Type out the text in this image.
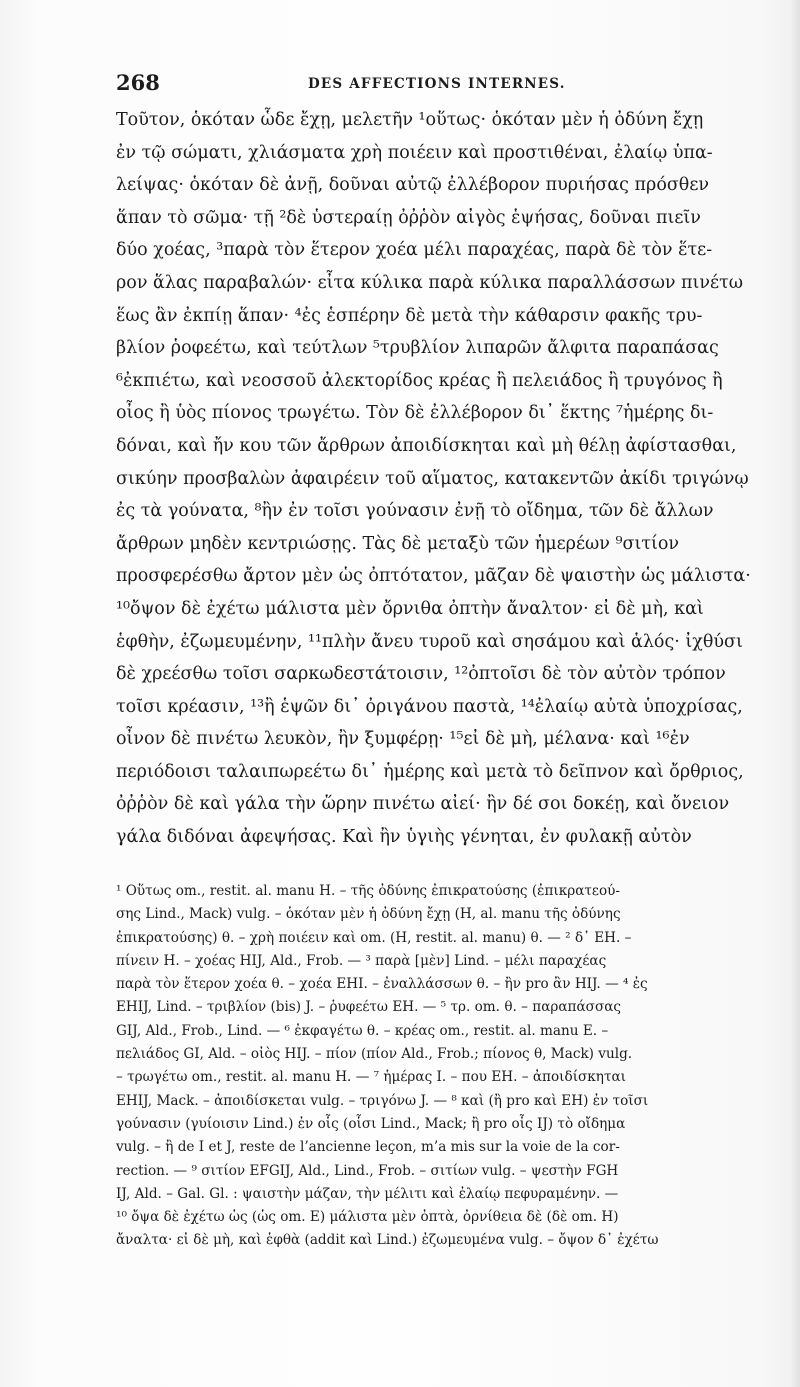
268	DES AFFECTIONS INTERNES.
Τοῦτον, ὁκόταν ὧδε ἔχῃ, μελετῆν ¹οὕτως· ὁκόταν μὲν ἡ ὀδύνη ἔχῃ
ἐν τῷ σώματι, χλιάσματα χρὴ ποιέειν καὶ προστιθέναι, ἐλαίῳ ὑπα-
λείψας· ὁκόταν δὲ ἀνῇ, δοῦναι αὐτῷ ἐλλέβορον πυριήσας πρόσθεν
ἅπαν τὸ σῶμα· τῇ ²δὲ ὑστεραίῃ ὀῤῥὸν αἰγὸς ἑψήσας, δοῦναι πιεῖν
δύο χοέας, ³παρὰ τὸν ἕτερον χοέα μέλι παραχέας, παρὰ δὲ τὸν ἕτε-
ρον ἅλας παραβαλών· εἶτα κύλικα παρὰ κύλικα παραλλάσσων πινέτω
ἕως ἂν ἐκπίῃ ἅπαν· ⁴ἐς ἑσπέρην δὲ μετὰ τὴν κάθαρσιν φακῆς τρυ-
βλίον ῥοφεέτω, καὶ τεύτλων ⁵τρυβλίον λιπαρῶν ἄλφιτα παραπάσας
⁶ἐκπιέτω, καὶ νεοσσοῦ ἀλεκτορίδος κρέας ἢ πελειάδος ἢ τρυγόνος ἢ
οἶος ἢ ὑὸς πίονος τρωγέτω. Τὸν δὲ ἐλλέβορον δι᾽ ἕκτης ⁷ἡμέρης δι-
δόναι, καὶ ἤν κου τῶν ἄρθρων ἀποιδίσκηται καὶ μὴ θέλῃ ἀφίστασθαι,
σικύην προσβαλὼν ἀφαιρέειν τοῦ αἵματος, κατακεντῶν ἀκίδι τριγώνῳ
ἐς τὰ γούνατα, ⁸ἢν ἐν τοῖσι γούνασιν ἐνῇ τὸ οἴδημα, τῶν δὲ ἄλλων
ἄρθρων μηδὲν κεντριώσῃς. Τὰς δὲ μεταξὺ τῶν ἡμερέων ⁹σιτίον
προσφερέσθω ἄρτον μὲν ὡς ὀπτότατον, μᾶζαν δὲ ψαιστὴν ὡς μάλιστα·
¹⁰ὄψον δὲ ἐχέτω μάλιστα μὲν ὄρνιθα ὀπτὴν ἄναλτον· εἰ δὲ μὴ, καὶ
ἑφθὴν, ἐζωμευμένην, ¹¹πλὴν ἄνευ τυροῦ καὶ σησάμου καὶ ἁλός· ἰχθύσι
δὲ χρεέσθω τοῖσι σαρκωδεστάτοισιν, ¹²ὀπτοῖσι δὲ τὸν αὐτὸν τρόπον
τοῖσι κρέασιν, ¹³ἢ ἑψῶν δι᾽ ὀριγάνου παστὰ, ¹⁴ἐλαίῳ αὐτὰ ὑποχρίσας,
οἶνον δὲ πινέτω λευκὸν, ἢν ξυμφέρῃ· ¹⁵εἰ δὲ μὴ, μέλανα· καὶ ¹⁶ἐν
περιόδοισι ταλαιπωρεέτω δι᾽ ἡμέρης καὶ μετὰ τὸ δεῖπνον καὶ ὄρθριος,
ὀῤῥὸν δὲ καὶ γάλα τὴν ὥρην πινέτω αἰεί· ἢν δέ σοι δοκέῃ, καὶ ὄνειον
γάλα διδόναι ἀφεψήσας. Καὶ ἢν ὑγιὴς γένηται, ἐν φυλακῇ αὐτὸν
¹ Οὕτως om., restit. al. manu H. – τῆς ὀδύνης ἐπικρατούσης (ἐπικρατεού-
σης Lind., Mack) vulg. – ὁκόταν μὲν ἡ ὀδύνη ἔχῃ (H, al. manu τῆς ὀδύνης
ἐπικρατούσης) θ. – χρὴ ποιέειν καὶ om. (H, restit. al. manu) θ. — ² δ᾽ EH. –
πίνειν H. – χοέας HIJ, Ald., Frob. — ³ παρὰ [μὲν] Lind. – μέλι παραχέας
παρὰ τὸν ἕτερον χοέα θ. – χοέα EHI. – ἐναλλάσσων θ. – ἢν pro ἂν HIJ. — ⁴ ἐς
EHIJ, Lind. – τριβλίον (bis) J. – ῥυφεέτω EH. — ⁵ τρ. om. θ. – παραπάσσας
GIJ, Ald., Frob., Lind. — ⁶ ἐκφαγέτω θ. – κρέας om., restit. al. manu E. –
πελιάδος GI, Ald. – οἰὸς HIJ. – πίον (πίον Ald., Frob.; πίονος θ, Mack) vulg.
– τρωγέτω om., restit. al. manu H. — ⁷ ἡμέρας I. – που EH. – ἀποιδίσκηται
EHIJ, Mack. – ἀποιδίσκεται vulg. – τριγόνω J. — ⁸ καὶ (ἢ pro καὶ EH) ἐν τοῖσι
γούνασιν (γυίοισιν Lind.) ἐν οἷς (οἷσι Lind., Mack; ἢ pro οἷς IJ) τὸ οἴδημα
vulg. – ἢ de I et J, reste de l’ancienne leçon, m’a mis sur la voie de la cor-
rection. — ⁹ σιτίον EFGIJ, Ald., Lind., Frob. – σιτίων vulg. – ψεστὴν FGH
IJ, Ald. – Gal. Gl. : ψαιστὴν μάζαν, τὴν μέλιτι καὶ ἐλαίῳ πεφυραμένην. —
¹⁰ ὄψα δὲ ἐχέτω ὡς (ὡς om. E) μάλιστα μὲν ὀπτὰ, ὀρνίθεια δὲ (δὲ om. H)
ἄναλτα· εἰ δὲ μὴ, καὶ ἑφθὰ (addit καὶ Lind.) ἐζωμευμένα vulg. – ὄψον δ᾽ ἐχέτω
